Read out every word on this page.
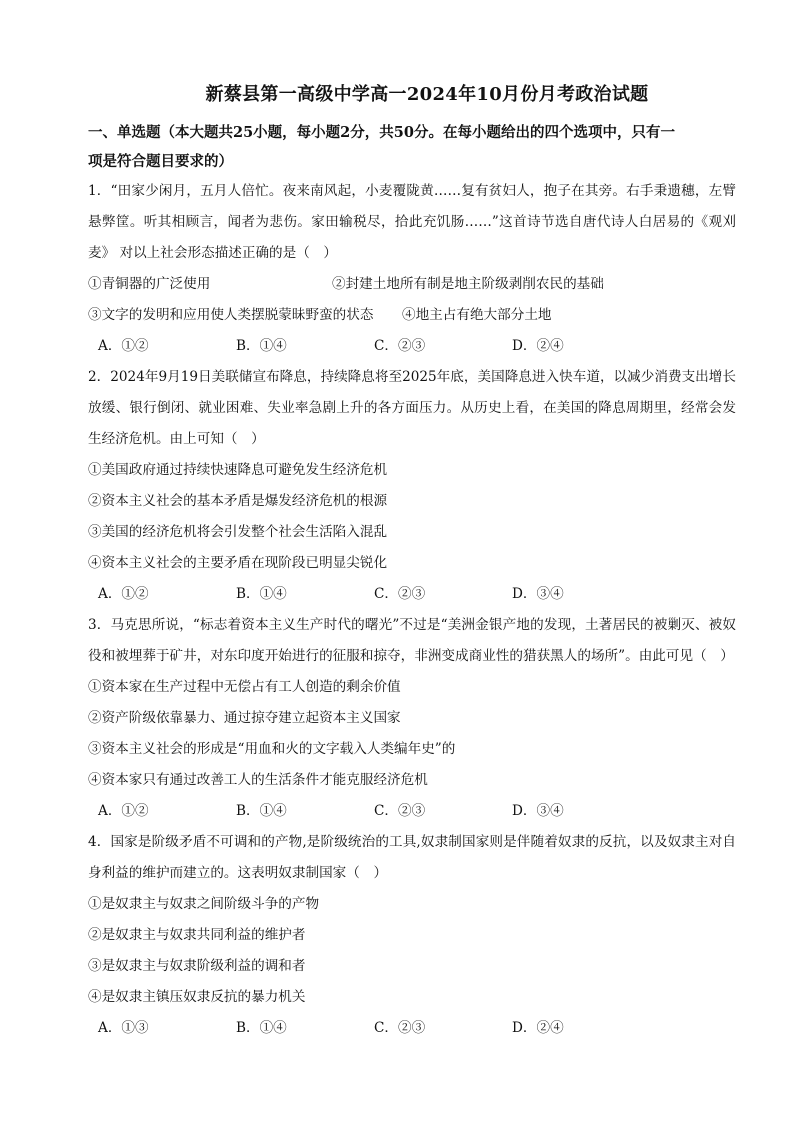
新蔡县第一高级中学高一2024年10月份月考政治试题
一、单选题（本大题共25小题，每小题2分，共50分。在每小题给出的四个选项中，只有一
项是符合题目要求的）

1．“田家少闲月，五月人倍忙。夜来南风起，小麦覆陇黄……复有贫妇人，抱子在其旁。右手秉遗穗，左臂悬弊筐。听其相顾言，闻者为悲伤。家田输税尽，拾此充饥肠……”这首诗节选自唐代诗人白居易的《观刈麦》 对以上社会形态描述正确的是（　）

①青铜器的广泛使用	②封建土地所有制是地主阶级剥削农民的基础
③文字的发明和应用使人类摆脱蒙昧野蛮的状态 ④地主占有绝大部分土地
A．①②	B．①④	C．②③	D．②④

2．2024年9月19日美联储宣布降息，持续降息将至2025年底，美国降息进入快车道，以减少消费支出增长放缓、银行倒闭、就业困难、失业率急剧上升的各方面压力。从历史上看，在美国的降息周期里，经常会发生经济危机。由上可知（　）

①美国政府通过持续快速降息可避免发生经济危机

②资本主义社会的基本矛盾是爆发经济危机的根源

③美国的经济危机将会引发整个社会生活陷入混乱

④资本主义社会的主要矛盾在现阶段已明显尖锐化

A．①②	B．①④	C．②③	D．③④

3．马克思所说，“标志着资本主义生产时代的曙光”不过是“美洲金银产地的发现，土著居民的被剿灭、被奴役和被埋葬于矿井，对东印度开始进行的征服和掠夺，非洲变成商业性的猎获黑人的场所”。由此可见（　）

①资本家在生产过程中无偿占有工人创造的剩余价值

②资产阶级依靠暴力、通过掠夺建立起资本主义国家

③资本主义社会的形成是“用血和火的文字载入人类编年史”的

④资本家只有通过改善工人的生活条件才能克服经济危机

A．①②	B．①④	C．②③	D．③④

4．国家是阶级矛盾不可调和的产物,是阶级统治的工具,奴隶制国家则是伴随着奴隶的反抗，以及奴隶主对自身利益的维护而建立的。这表明奴隶制国家（　）

①是奴隶主与奴隶之间阶级斗争的产物

②是奴隶主与奴隶共同利益的维护者

③是奴隶主与奴隶阶级利益的调和者

④是奴隶主镇压奴隶反抗的暴力机关

A．①③	B．①④	C．②③	D．②④
